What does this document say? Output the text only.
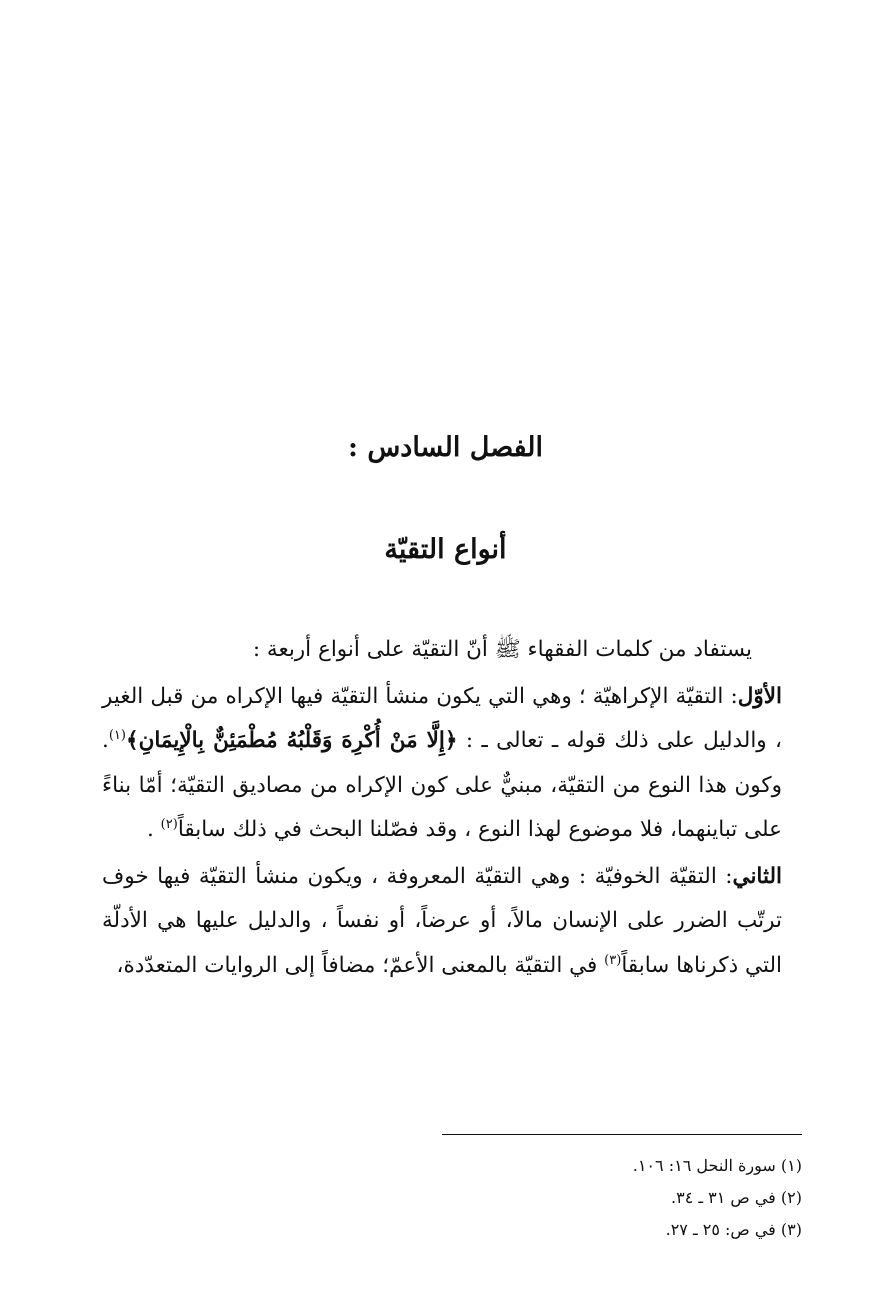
الفصل السادس :
أنواع التقيّة

يستفاد من كلمات الفقهاء ﷺ أنّ التقيّة على أنواع أربعة :

الأوّل: التقيّة الإكراهيّة ؛ وهي التي يكون منشأ التقيّة فيها الإكراه من قبل الغير ، والدليل على ذلك قوله ـ تعالى ـ : ﴿إِلَّا مَنْ أُكْرِهَ وَقَلْبُهُ مُطْمَئِنٌّ بِالْإِيمَانِ﴾$^{(١)}$. وكون هذا النوع من التقيّة، مبنيٌّ على كون الإكراه من مصاديق التقيّة؛ أمّا بناءً على تباينهما، فلا موضوع لهذا النوع ، وقد فصّلنا البحث في ذلك سابقاً$^{(٢)}$ .

الثاني: التقيّة الخوفيّة : وهي التقيّة المعروفة ، ويكون منشأ التقيّة فيها خوف ترتّب الضرر على الإنسان مالاً، أو عرضاً، أو نفساً ، والدليل عليها هي الأدلّة التي ذكرناها سابقاً$^{(٣)}$ في التقيّة بالمعنى الأعمّ؛ مضافاً إلى الروايات المتعدّدة،

(١) سورة النحل ١٦: ١٠٦.
(٢) في ص ٣١ ـ ٣٤.
(٣) في ص: ٢٥ ـ ٢٧.
